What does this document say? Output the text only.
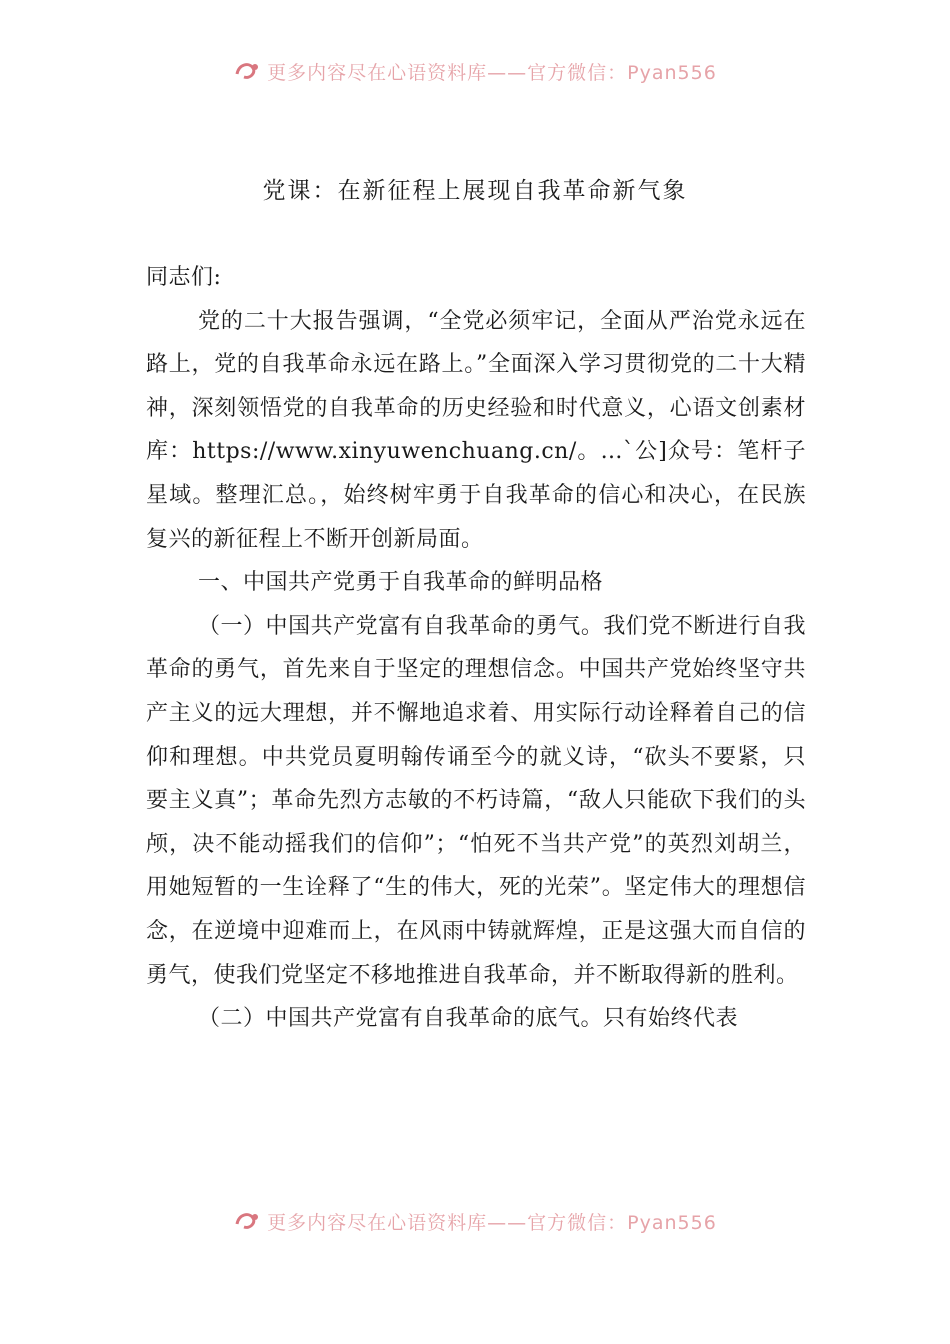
更多内容尽在心语资料库——官方微信：Pyan556
党课：在新征程上展现自我革命新气象

同志们:

党的二十大报告强调，“全党必须牢记，全面从严治党永远在路上，党的自我革命永远在路上。”全面深入学习贯彻党的二十大精神，深刻领悟党的自我革命的历史经验和时代意义，心语文创素材库：https://www.xinyuwenchuang.cn/。…`公]众号：笔杆子星域。整理汇总。，始终树牢勇于自我革命的信心和决心，在民族复兴的新征程上不断开创新局面。

一、中国共产党勇于自我革命的鲜明品格

（一）中国共产党富有自我革命的勇气。我们党不断进行自我革命的勇气，首先来自于坚定的理想信念。中国共产党始终坚守共产主义的远大理想，并不懈地追求着、用实际行动诠释着自己的信仰和理想。中共党员夏明翰传诵至今的就义诗，“砍头不要紧，只要主义真”；革命先烈方志敏的不朽诗篇，“敌人只能砍下我们的头颅，决不能动摇我们的信仰”；“怕死不当共产党”的英烈刘胡兰，用她短暂的一生诠释了“生的伟大，死的光荣”。坚定伟大的理想信念，在逆境中迎难而上，在风雨中铸就辉煌，正是这强大而自信的勇气，使我们党坚定不移地推进自我革命，并不断取得新的胜利。

（二）中国共产党富有自我革命的底气。只有始终代表

更多内容尽在心语资料库——官方微信：Pyan556
